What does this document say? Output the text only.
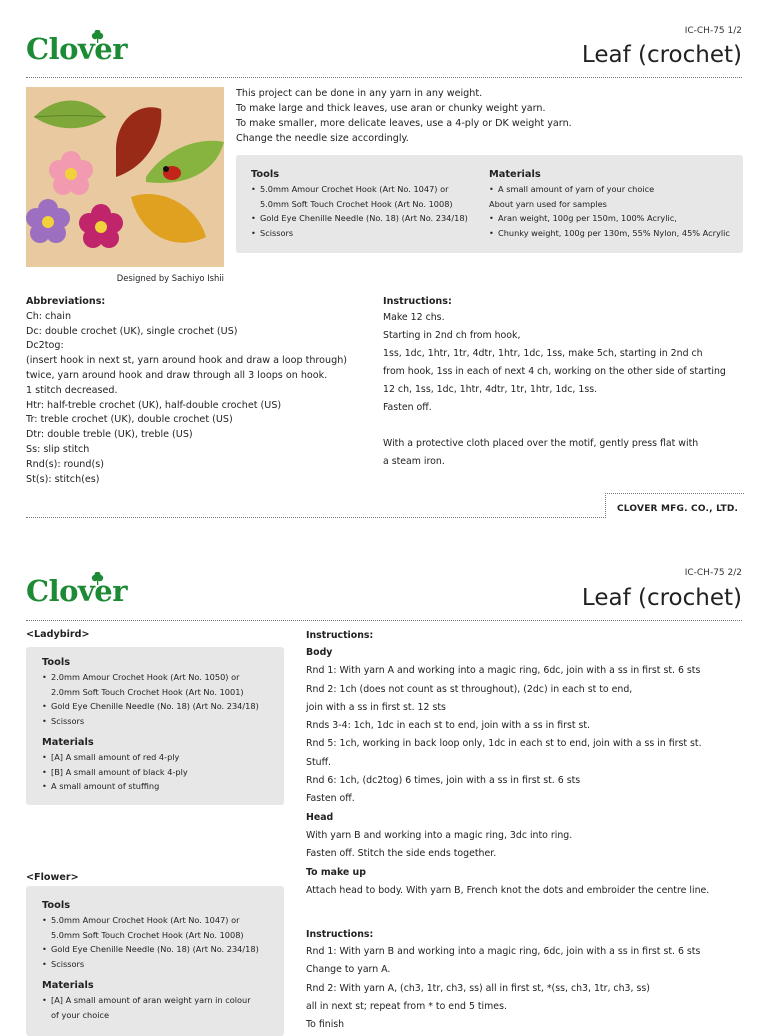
Clover
IC-CH-75 1/2
Leaf (crochet)
Designed by Sachiyo Ishii
This project can be done in any yarn in any weight.
To make large and thick leaves, use aran or chunky weight yarn.
To make smaller, more delicate leaves, use a 4-ply or DK weight yarn.
Change the needle size accordingly.
Tools
• 5.0mm Amour Crochet Hook (Art No. 1047) or
5.0mm Soft Touch Crochet Hook (Art No. 1008)
• Gold Eye Chenille Needle (No. 18) (Art No. 234/18)
• Scissors
Materials
• A small amount of yarn of your choice
About yarn used for samples
• Aran weight, 100g per 150m, 100% Acrylic,
• Chunky weight, 100g per 130m, 55% Nylon, 45% Acrylic
Abbreviations:
Ch: chain
Dc: double crochet (UK), single crochet (US)
Dc2tog:
(insert hook in next st, yarn around hook and draw a loop through)
twice, yarn around hook and draw through all 3 loops on hook.
1 stitch decreased.
Htr: half-treble crochet (UK), half-double crochet (US)
Tr: treble crochet (UK), double crochet (US)
Dtr: double treble (UK), treble (US)
Ss: slip stitch
Rnd(s): round(s)
St(s): stitch(es)
Instructions:
Make 12 chs.
Starting in 2nd ch from hook,
1ss, 1dc, 1htr, 1tr, 4dtr, 1htr, 1dc, 1ss, make 5ch, starting in 2nd ch
from hook, 1ss in each of next 4 ch, working on the other side of starting
12 ch, 1ss, 1dc, 1htr, 4dtr, 1tr, 1htr, 1dc, 1ss.
Fasten off.
With a protective cloth placed over the motif, gently press flat with
a steam iron.
CLOVER MFG. CO., LTD.
Clover
IC-CH-75 2/2
Leaf (crochet)
<Ladybird>
Tools
• 2.0mm Amour Crochet Hook (Art No. 1050) or
2.0mm Soft Touch Crochet Hook (Art No. 1001)
• Gold Eye Chenille Needle (No. 18) (Art No. 234/18)
• Scissors
Materials
• [A] A small amount of red 4-ply
• [B] A small amount of black 4-ply
• A small amount of stuffing
<Flower>
Tools
• 5.0mm Amour Crochet Hook (Art No. 1047) or
5.0mm Soft Touch Crochet Hook (Art No. 1008)
• Gold Eye Chenille Needle (No. 18) (Art No. 234/18)
• Scissors
Materials
• [A] A small amount of aran weight yarn in colour
of your choice
Instructions:
Body
Rnd 1: With yarn A and working into a magic ring, 6dc, join with a ss in first st. 6 sts
Rnd 2: 1ch (does not count as st throughout), (2dc) in each st to end,
join with a ss in first st. 12 sts
Rnds 3-4: 1ch, 1dc in each st to end, join with a ss in first st.
Rnd 5: 1ch, working in back loop only, 1dc in each st to end, join with a ss in first st.
Stuff.
Rnd 6: 1ch, (dc2tog) 6 times, join with a ss in first st. 6 sts
Fasten off.
Head
With yarn B and working into a magic ring, 3dc into ring.
Fasten off. Stitch the side ends together.
To make up
Attach head to body. With yarn B, French knot the dots and embroider the centre line.
Instructions:
Rnd 1: With yarn B and working into a magic ring, 6dc, join with a ss in first st. 6 sts
Change to yarn A.
Rnd 2: With yarn A, (ch3, 1tr, ch3, ss) all in first st, *(ss, ch3, 1tr, ch3, ss)
all in next st; repeat from * to end 5 times.
To finish
